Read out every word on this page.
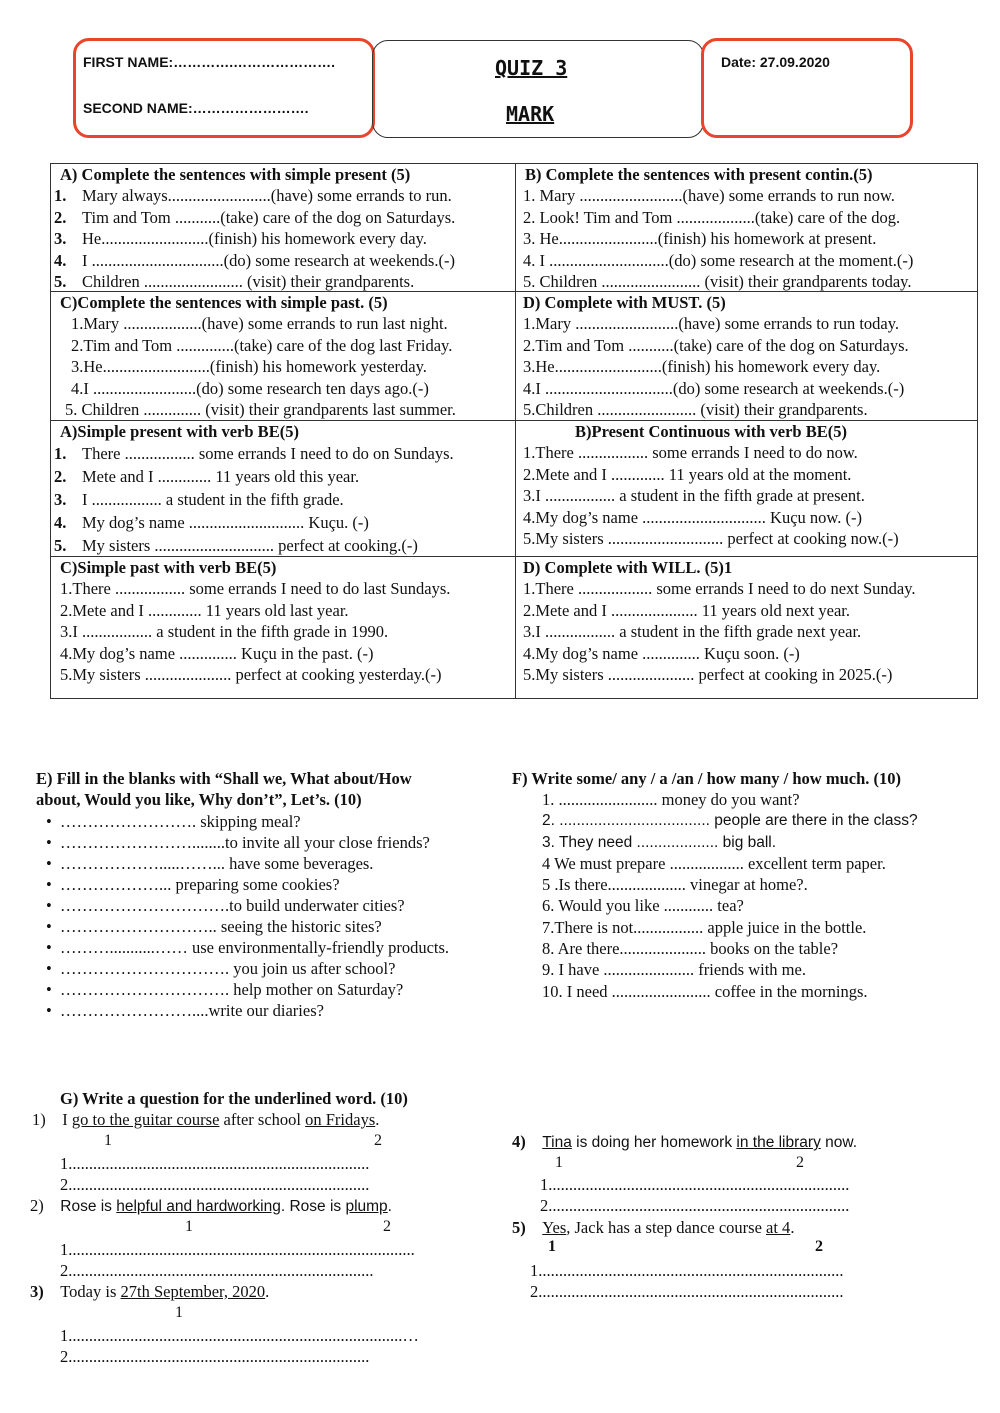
FIRST NAME:………….………………….
SECOND NAME:…………………….
QUIZ 3
MARK
Date: 27.09.2020
A) Complete the sentences with simple present (5)
1. Mary always.........................(have) some errands to run.
2. Tim and Tom ...........(take) care of the dog on Saturdays.
3. He..........................(finish) his homework every day.
4. I ................................(do) some research at weekends.(-)
5. Children ........................ (visit) their grandparents.
B) Complete the sentences with present contin.(5)
1. Mary .........................(have) some errands to run now.
2. Look! Tim and Tom ...................(take) care of the dog.
3. He........................(finish) his homework at present.
4. I .............................(do) some research at the moment.(-)
5. Children ........................ (visit) their grandparents today.
C)Complete the sentences with simple past. (5)
1.Mary ...................(have) some errands to run last night.
2.Tim and Tom ..............(take) care of the dog last Friday.
3.He..........................(finish) his homework yesterday.
4.I .........................(do) some research ten days ago.(-)
5. Children .............. (visit) their grandparents last summer.
D) Complete with MUST. (5)
1.Mary .........................(have) some errands to run today.
2.Tim and Tom ...........(take) care of the dog on Saturdays.
3.He..........................(finish) his homework every day.
4.I ...............................(do) some research at weekends.(-)
5.Children ........................ (visit) their grandparents.
A)Simple present with verb BE(5)
1. There ................. some errands I need to do on Sundays.
2. Mete and I ............. 11 years old this year.
3. I ................. a student in the fifth grade.
4. My dog’s name ............................ Kuçu. (-)
5. My sisters ............................. perfect at cooking.(-)
B)Present Continuous with verb BE(5)
1.There ................. some errands I need to do now.
2.Mete and I ............. 11 years old at the moment.
3.I ................. a student in the fifth grade at present.
4.My dog’s name .............................. Kuçu now. (-)
5.My sisters ............................ perfect at cooking now.(-)
C)Simple past with verb BE(5)
1.There ................. some errands I need to do last Sundays.
2.Mete and I ............. 11 years old last year.
3.I ................. a student in the fifth grade in 1990.
4.My dog’s name .............. Kuçu in the past. (-)
5.My sisters ..................... perfect at cooking yesterday.(-)
D) Complete with WILL. (5)1
1.There .................. some errands I need to do next Sunday.
2.Mete and I ..................... 11 years old next year.
3.I ................. a student in the fifth grade next year.
4.My dog’s name .............. Kuçu soon. (-)
5.My sisters ..................... perfect at cooking in 2025.(-)
E) Fill in the blanks with “Shall we, What about/How
about, Would you like, Why don’t”, Let’s. (10)
• ……………………. skipping meal?
• ……………………........to invite all your close friends?
• ……………….....……... have some beverages.
• ………………... preparing some cookies?
• ………………………….to build underwater cities?
• ……………………….. seeing the historic sites?
• ………...........…… use environmentally-friendly products.
• …………………………. you join us after school?
• …………………………. help mother on Saturday?
• ……………………....write our diaries?
F) Write some/ any / a /an / how many / how much. (10)
1. ........................ money do you want?
2. ................................... people are there in the class?
3. They need ................... big ball.
4 We must prepare .................. excellent term paper.
5 .Is there................... vinegar at home?.
6. Would you like ............ tea?
7.There is not................. apple juice in the bottle.
8. Are there..................... books on the table?
9. I have ...................... friends with me.
10. I need ........................ coffee in the mornings.
G) Write a question for the underlined word. (10)
1) I go to the guitar course after school on Fridays.
1	2
1.........................................................................
2.........................................................................
2) Rose is helpful and hardworking. Rose is plump.
1	2
1....................................................................................
2..........................................................................
3) Today is 27th September, 2020.
1
1.................................................................................…
2.........................................................................
4) Tina is doing her homework in the library now.
1	2
1.........................................................................
2.........................................................................
5) Yes, Jack has a step dance course at 4.
1	2
1..........................................................................
2..........................................................................
